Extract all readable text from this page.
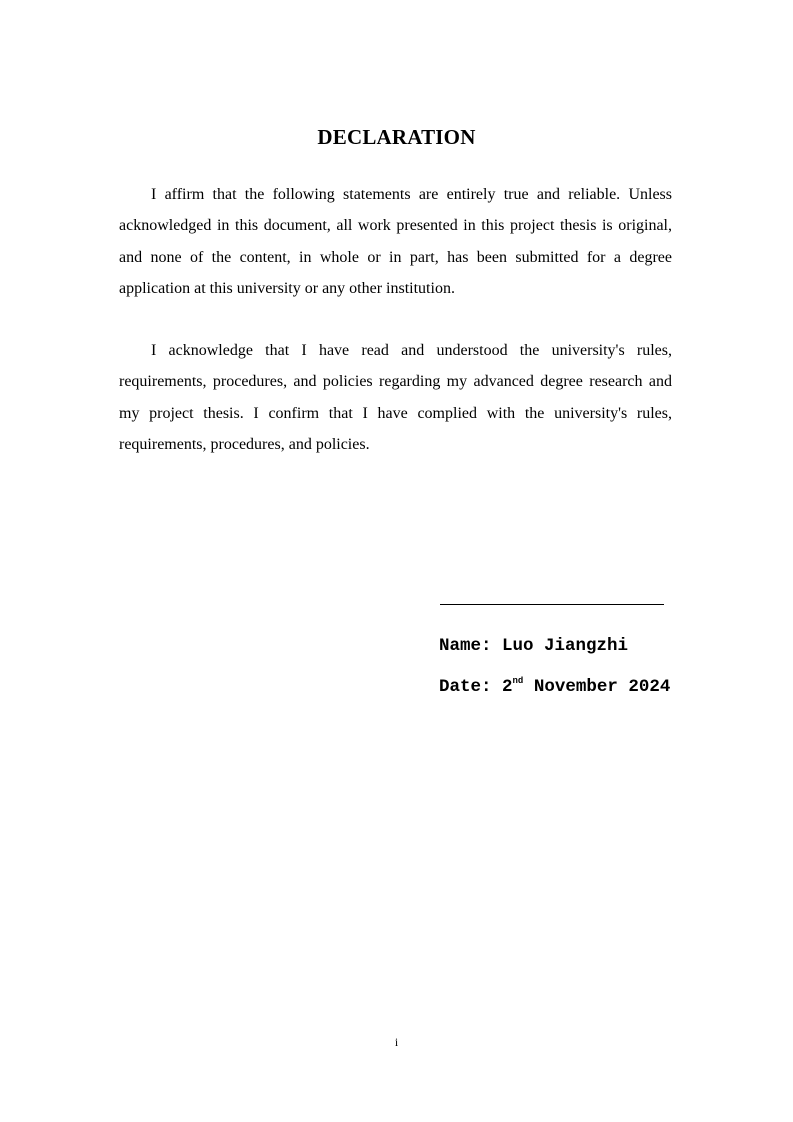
DECLARATION

I affirm that the following statements are entirely true and reliable. Unless acknowledged in this document, all work presented in this project thesis is original, and none of the content, in whole or in part, has been submitted for a degree application at this university or any other institution.

I acknowledge that I have read and understood the university's rules, requirements, procedures, and policies regarding my advanced degree research and my project thesis. I confirm that I have complied with the university's rules, requirements, procedures, and policies.

Name: Luo Jiangzhi
Date: 2nd November 2024
i
